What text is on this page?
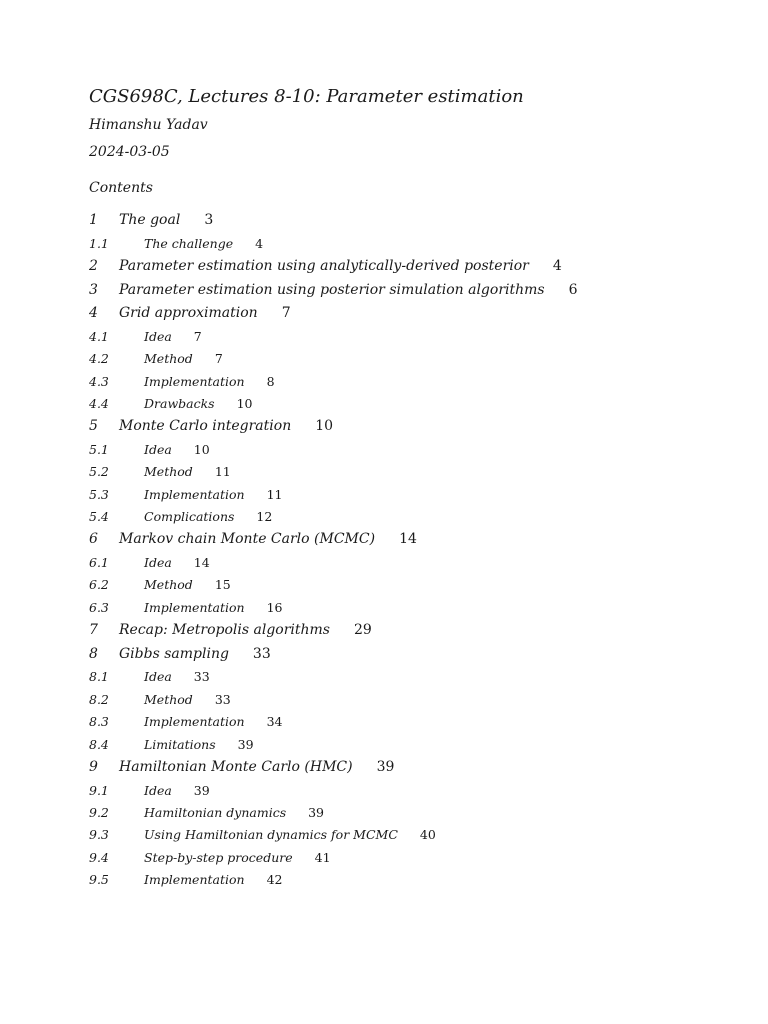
CGS698C, Lectures 8-10: Parameter estimation
Himanshu Yadav
2024-03-05
Contents
1	The goal 3
1.1	The challenge 4
2	Parameter estimation using analytically-derived posterior 4
3	Parameter estimation using posterior simulation algorithms 6
4	Grid approximation 7
4.1	Idea 7
4.2	Method 7
4.3	Implementation 8
4.4	Drawbacks 10
5	Monte Carlo integration 10
5.1	Idea 10
5.2	Method 11
5.3	Implementation 11
5.4	Complications 12
6	Markov chain Monte Carlo (MCMC) 14
6.1	Idea 14
6.2	Method 15
6.3	Implementation 16
7	Recap: Metropolis algorithms 29
8	Gibbs sampling 33
8.1	Idea 33
8.2	Method 33
8.3	Implementation 34
8.4	Limitations 39
9	Hamiltonian Monte Carlo (HMC) 39
9.1	Idea 39
9.2	Hamiltonian dynamics 39
9.3	Using Hamiltonian dynamics for MCMC 40
9.4	Step-by-step procedure 41
9.5	Implementation 42
